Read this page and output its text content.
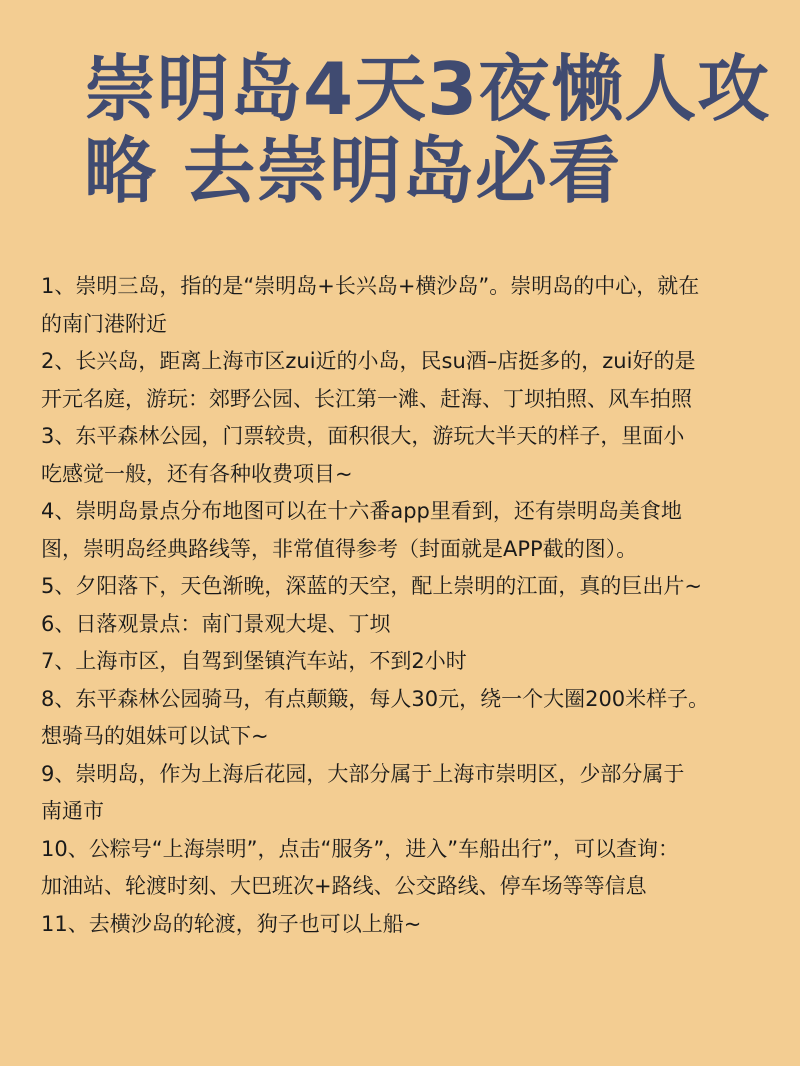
崇明岛4天3夜懒人攻
略 去崇明岛必看
1、崇明三岛，指的是“崇明岛+长兴岛+横沙岛”。崇明岛的中心，就在
的南门港附近
2、长兴岛，距离上海市区zui近的小岛，民su酒–店挺多的，zui好的是
开元名庭，游玩：郊野公园、长江第一滩、赶海、丁坝拍照、风车拍照
3、东平森林公园，门票较贵，面积很大，游玩大半天的样子，里面小
吃感觉一般，还有各种收费项目~
4、崇明岛景点分布地图可以在十六番app里看到，还有崇明岛美食地
图，崇明岛经典路线等，非常值得参考（封面就是APP截的图）。
5、夕阳落下，天色渐晚，深蓝的天空，配上崇明的江面，真的巨出片~
6、日落观景点：南门景观大堤、丁坝
7、上海市区，自驾到堡镇汽车站，不到2小时
8、东平森林公园骑马，有点颠簸，每人30元，绕一个大圈200米样子。
想骑马的姐妹可以试下~
9、崇明岛，作为上海后花园，大部分属于上海市崇明区，少部分属于
南通市
10、公粽号“上海崇明”，点击“服务”，进入”车船出行”，可以查询：
加油站、轮渡时刻、大巴班次+路线、公交路线、停车场等等信息
11、去横沙岛的轮渡，狗子也可以上船~
